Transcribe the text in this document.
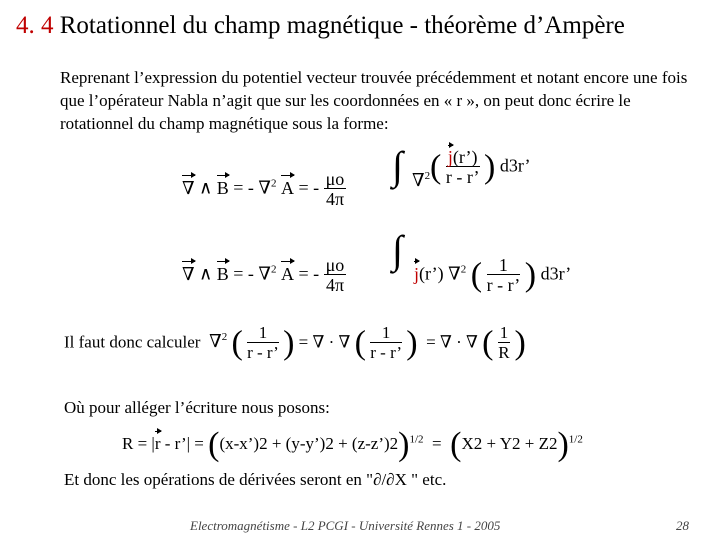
4. 4 Rotationnel du champ magnétique - théorème d’Ampère
Reprenant l’expression du potentiel vecteur trouvée précédemment et notant encore une fois que l’opérateur Nabla n’agit que sur les coordonnées en « r », on peut donc écrire le rotationnel du champ magnétique sous la forme:
∇ ∧ B = - ∇$^2$ A = - $\frac{\mu o}{4\pi}$
∫ ∇$^2$ ( $\frac{j(r’)}{r - r’}$ ) d3r’
∇ ∧ B = - ∇$^2$ A = - $\frac{\mu o}{4\pi}$
∫
j(r’) ∇$^2$ ( $\frac{1}{r - r’}$ ) d3r’
Il faut donc calculer ∇$^2$ ( $\frac{1}{r - r’}$ ) = ∇ · ∇ ( $\frac{1}{r - r’}$ ) = ∇ · ∇ ( $\frac{1}{R}$ )
Où pour alléger l’écriture nous posons:
R = |r - r’| = ((x-x’)2 + (y-y’)2 + (z-z’)2)$^{1/2}$ = $(X2 + Y2 + Z2)^{1/2}$
Et donc les opérations de dérivées seront en "∂/∂X " etc.
Electromagnétisme - L2 PCGI - Université Rennes 1 - 2005	28
